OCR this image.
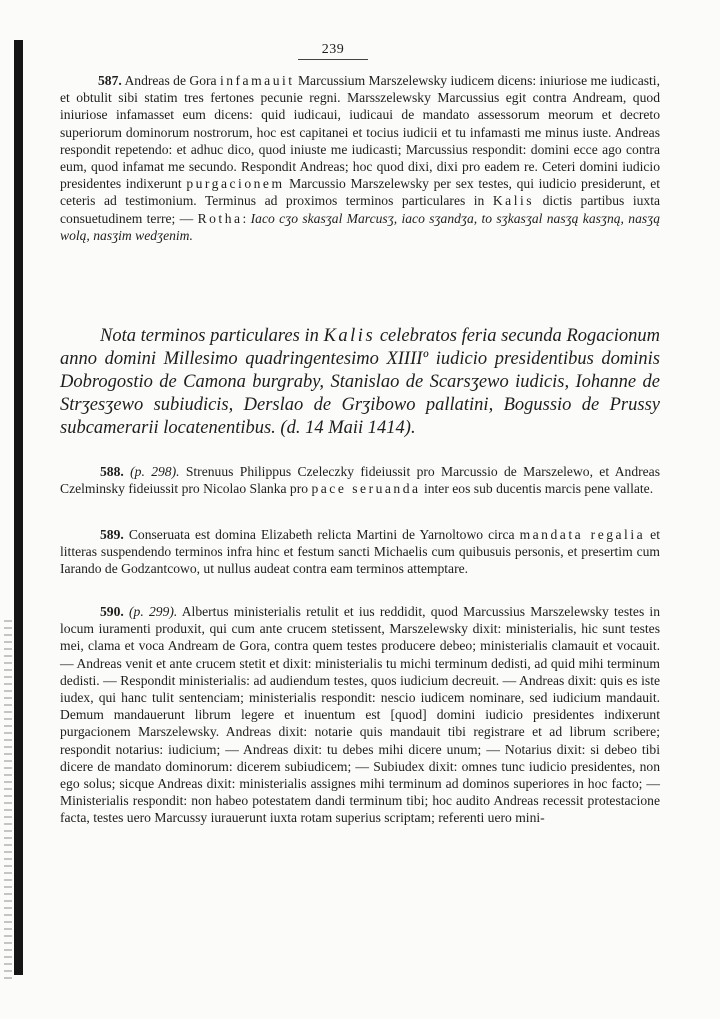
239

587. Andreas de Gora infamauit Marcussium Marszelewsky iudicem dicens: iniuriose me iudicasti, et obtulit sibi statim tres fertones pecunie regni. Marsszelewsky Marcussius egit contra Andream, quod iniuriose infamasset eum dicens: quid iudicaui, iudicaui de mandato assessorum meorum et decreto superiorum dominorum nostrorum, hoc est capitanei et tocius iudicii et tu infamasti me minus iuste. Andreas respondit repetendo: et adhuc dico, quod iniuste me iudicasti; Marcussius respondit: domini ecce ago contra eum, quod infamat me secundo. Respondit Andreas; hoc quod dixi, dixi pro eadem re. Ceteri domini iudicio presidentes indixerunt purgacionem Marcussio Marszelewsky per sex testes, qui iudicio presiderunt, et ceteris ad testimonium. Terminus ad proximos terminos particulares in Kalis dictis partibus iuxta consuetudinem terre; — Rotha: Iaco cʒo skasʒal Marcusʒ, iaco sʒandʒa, to sʒkasʒal nasʒą kasʒną, nasʒą wolą, nasʒim wedʒenim.

Nota terminos particulares in Kalis celebratos feria secunda Rogacionum anno domini Millesimo quadringentesimo XIIIIº iudicio presidentibus dominis Dobrogostio de Camona burgraby, Stanislao de Scarsʒewo iudicis, Iohanne de Strʒesʒewo subiudicis, Derslao de Grʒibowo pallatini, Bogussio de Prussy subcamerarii locatenentibus. (d. 14 Maii 1414).

588. (p. 298). Strenuus Philippus Czeleczky fideiussit pro Marcussio de Marszelewo, et Andreas Czelminsky fideiussit pro Nicolao Slanka pro pace seruanda inter eos sub ducentis marcis pene vallate.

589. Conseruata est domina Elizabeth relicta Martini de Yarnoltowo circa mandata regalia et litteras suspendendo terminos infra hinc et festum sancti Michaelis cum quibusuis personis, et presertim cum Iarando de Godzantcowo, ut nullus audeat contra eam terminos attemptare.

590. (p. 299). Albertus ministerialis retulit et ius reddidit, quod Marcussius Marszelewsky testes in locum iuramenti produxit, qui cum ante crucem stetissent, Marszelewsky dixit: ministerialis, hic sunt testes mei, clama et voca Andream de Gora, contra quem testes producere debeo; ministerialis clamauit et vocauit. — Andreas venit et ante crucem stetit et dixit: ministerialis tu michi terminum dedisti, ad quid mihi terminum dedisti. — Respondit ministerialis: ad audiendum testes, quos iudicium decreuit. — Andreas dixit: quis es iste iudex, qui hanc tulit sentenciam; ministerialis respondit: nescio iudicem nominare, sed iudicium mandauit. Demum mandauerunt librum legere et inuentum est [quod] domini iudicio presidentes indixerunt purgacionem Marszelewsky. Andreas dixit: notarie quis mandauit tibi registrare et ad librum scribere; respondit notarius: iudicium; — Andreas dixit: tu debes mihi dicere unum; — Notarius dixit: si debeo tibi dicere de mandato dominorum: dicerem subiudicem; — Subiudex dixit: omnes tunc iudicio presidentes, non ego solus; sicque Andreas dixit: ministerialis assignes mihi terminum ad dominos superiores in hoc facto; — Ministerialis respondit: non habeo potestatem dandi terminum tibi; hoc audito Andreas recessit protestacione facta, testes uero Marcussy iurauerunt iuxta rotam superius scriptam; referenti uero mini-
